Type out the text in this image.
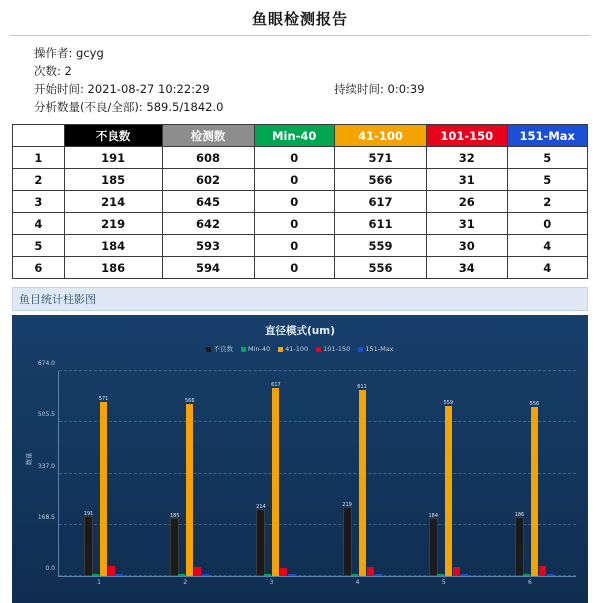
鱼眼检测报告
操作者: gcyg
次数: 2
开始时间: 2021-08-27 10:22:29	持续时间: 0:0:39
分析数量(不良/全部): 589.5/1842.0
	不良数	检测数	Min-40	41-100	101-150	151-Max
1	191	608	0	571	32	5
2	185	602	0	566	31	5
3	214	645	0	617	26	2
4	219	642	0	611	31	0
5	184	593	0	559	30	4
6	186	594	0	556	34	4
鱼目统计柱影图
直径模式(um)
不良数 Min-40 41-100 101-150 151-Max
数量
0.0
168.5
337.0
505.5
674.0
191
571
1
185
566
2
214
617
3
219
611
4
184
559
5
186
556
6
